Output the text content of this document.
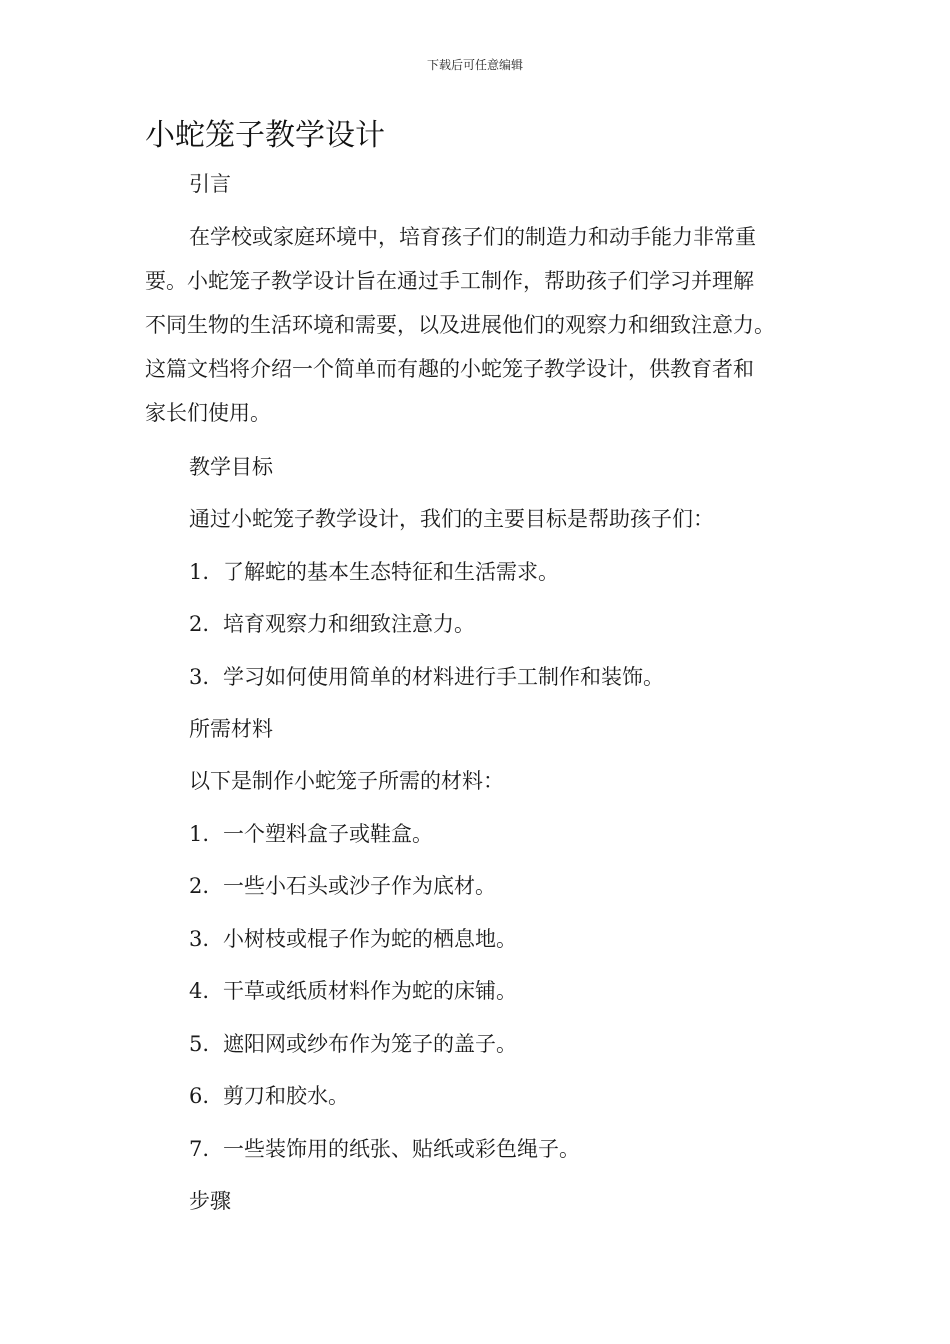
下载后可任意编辑
小蛇笼子教学设计

引言

在学校或家庭环境中，培育孩子们的制造力和动手能力非常重

要。小蛇笼子教学设计旨在通过手工制作，帮助孩子们学习并理解

不同生物的生活环境和需要，以及进展他们的观察力和细致注意力。

这篇文档将介绍一个简单而有趣的小蛇笼子教学设计，供教育者和

家长们使用。

教学目标

通过小蛇笼子教学设计，我们的主要目标是帮助孩子们：

1. 了解蛇的基本生态特征和生活需求。

2. 培育观察力和细致注意力。

3. 学习如何使用简单的材料进行手工制作和装饰。

所需材料

以下是制作小蛇笼子所需的材料：

1. 一个塑料盒子或鞋盒。

2. 一些小石头或沙子作为底材。

3. 小树枝或棍子作为蛇的栖息地。

4. 干草或纸质材料作为蛇的床铺。

5. 遮阳网或纱布作为笼子的盖子。

6. 剪刀和胶水。

7. 一些装饰用的纸张、贴纸或彩色绳子。

步骤
